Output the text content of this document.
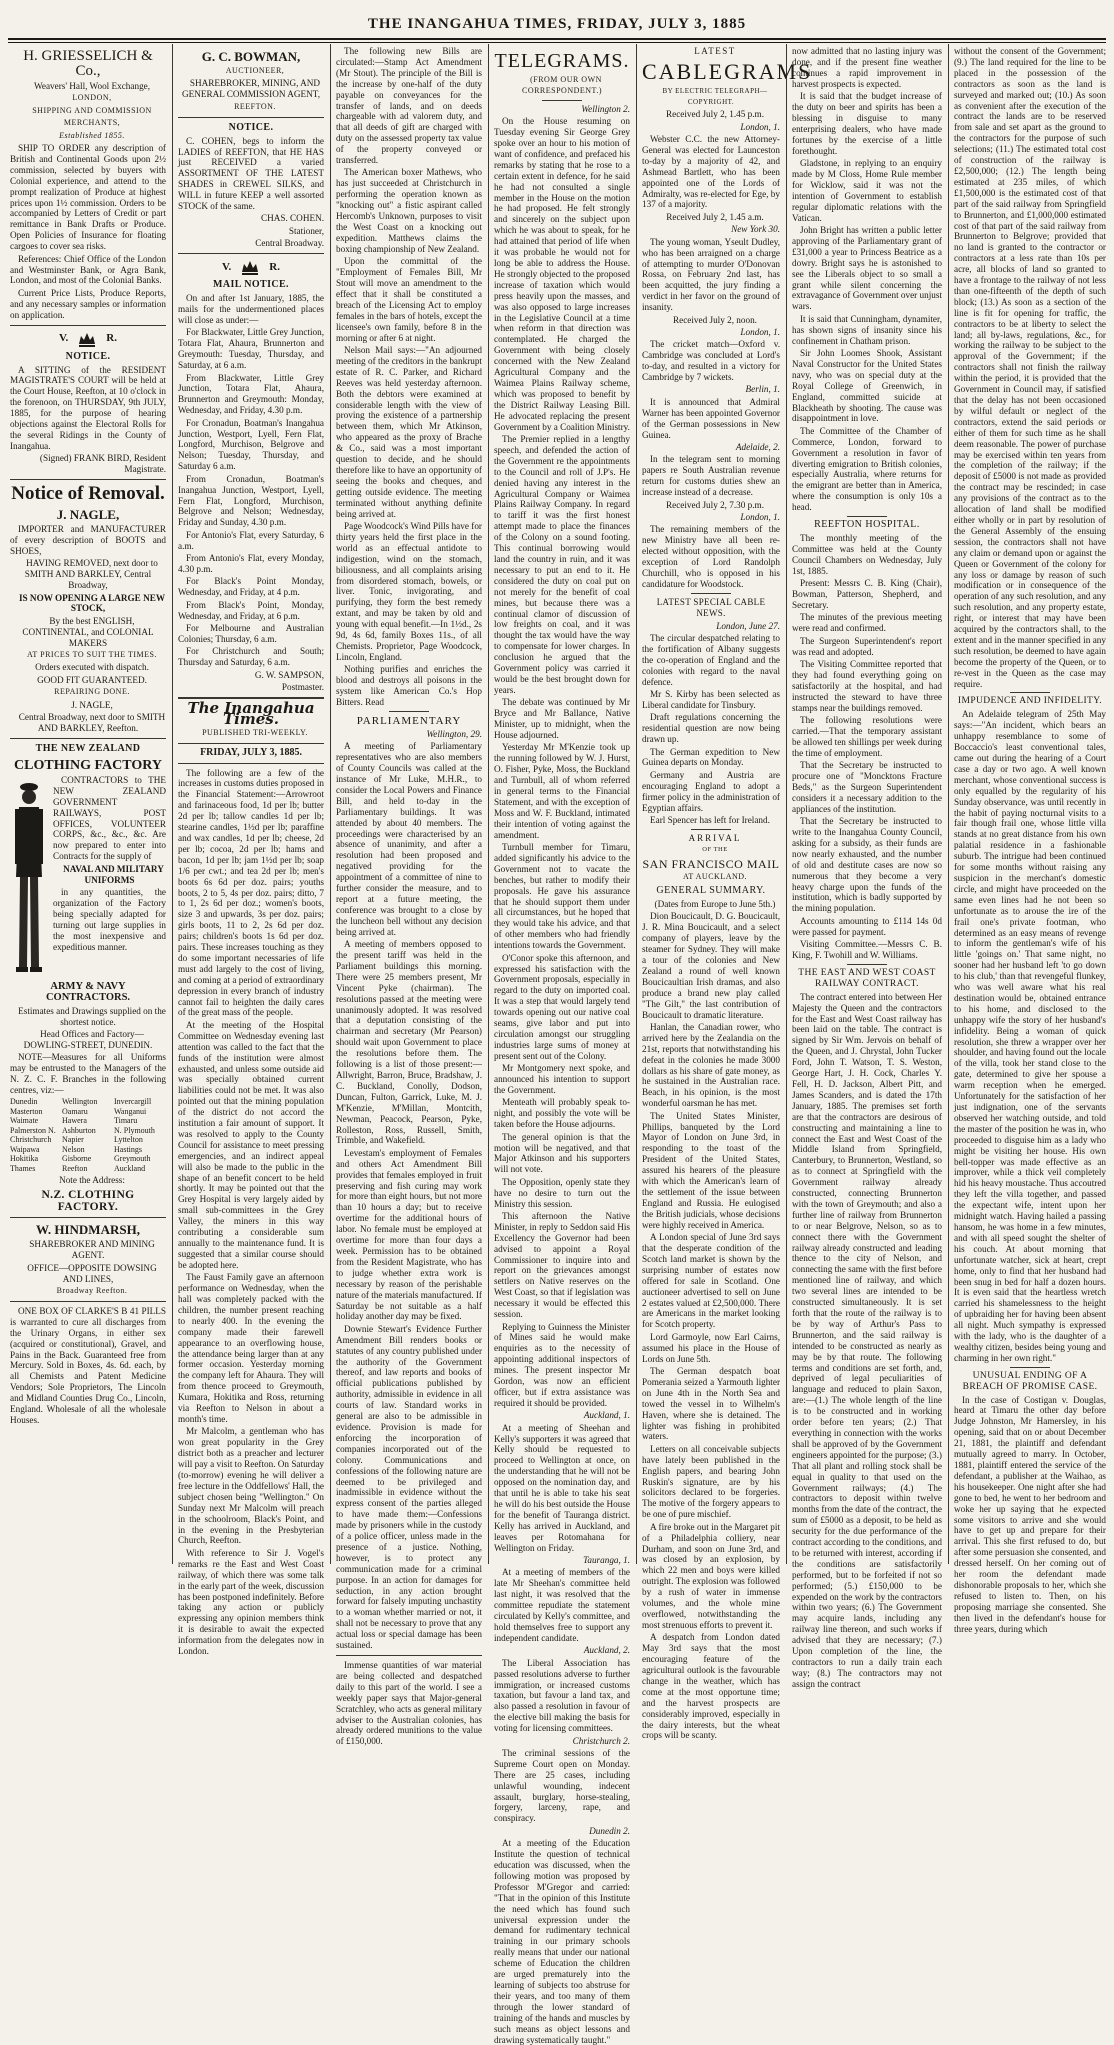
THE INANGAHUA TIMES, FRIDAY, JULY 3, 1885
H. GRIESSELICH & Co.,

Weavers' Hall, Wool Exchange,

LONDON,

SHIPPING AND COMMISSION

MERCHANTS,

Established 1855.

SHIP TO ORDER any description of British and Continental Goods upon 2½ commission, selected by buyers with Colonial experience, and attend to the prompt realization of Produce at highest prices upon 1½ commission. Orders to be accompanied by Letters of Credit or part remittance in Bank Drafts or Produce. Open Policies of Insurance for floating cargoes to cover sea risks.

References: Chief Office of the London and Westminster Bank, or Agra Bank, London, and most of the Colonial Banks.

Current Price Lists, Produce Reports, and any necessary samples or information on application.

V.	R.
NOTICE.

A SITTING of the RESIDENT MAGISTRATE'S COURT will be held at the Court House, Reefton, at 10 o'clock in the forenoon, on THURSDAY, 9th JULY, 1885, for the purpose of hearing objections against the Electoral Rolls for the several Ridings in the County of Inangahua.

(Signed) FRANK BIRD, Resident Magistrate.

Notice of Removal.
J. NAGLE,

IMPORTER and MANUFACTURER of every description of BOOTS and SHOES,

HAVING REMOVED, next door to SMITH AND BARKLEY, Central Broadway,

IS NOW OPENING A LARGE NEW STOCK,

By the best ENGLISH, CONTINENTAL, and COLONIAL MAKERS

AT PRICES TO SUIT THE TIMES.

Orders executed with dispatch.

GOOD FIT GUARANTEED.

REPAIRING DONE.

J. NAGLE,

Central Broadway, next door to SMITH AND BARKLEY, Reefton.

THE NEW ZEALAND
CLOTHING FACTORY

CONTRACTORS to THE NEW ZEALAND GOVERNMENT RAILWAYS, POST OFFICES, VOLUNTEER CORPS, &c., &c., &c. Are now prepared to enter into Contracts for the supply of

NAVAL AND MILITARY UNIFORMS

in any quantities, the organization of the Factory being specially adapted for turning out large supplies in the most inexpensive and expeditious manner.

ARMY & NAVY CONTRACTORS.

Estimates and Drawings supplied on the shortest notice.

Head Offices and Factory— DOWLING-STREET, DUNEDIN.

NOTE—Measures for all Uniforms may be entrusted to the Managers of the N. Z. C. F. Branches in the following centres, viz:—

Dunedin	Wellington	Invercargill
Masterton	Oamaru	Wanganui
Waimate	Hawera	Timaru
Palmerston N. Ashburton	N. Plymouth
Christchurch	Napier	Lyttelton
Waipawa	Nelson	Hastings
Hokitika	Gisborne	Greymouth
Thames	Reefton	Auckland

Note the Address:

N.Z. CLOTHING FACTORY.
W. HINDMARSH,

SHAREBROKER AND MINING AGENT.

OFFICE—OPPOSITE DOWSING AND LINES,

Broadway Reefton.

ONE BOX OF CLARKE'S B 41 PILLS is warranted to cure all discharges from the Urinary Organs, in either sex (acquired or constitutional), Gravel, and Pains in the Back. Guaranteed free from Mercury. Sold in Boxes, 4s. 6d. each, by all Chemists and Patent Medicine Vendors; Sole Proprietors, The Lincoln and Midland Counties Drug Co., Lincoln, England. Wholesale of all the wholesale Houses.

G. C. BOWMAN,

AUCTIONEER,

SHAREBROKER, MINING, AND GENERAL COMMISSION AGENT,

REEFTON.

NOTICE.

C. COHEN, begs to inform the LADIES of REEFTON, that HE HAS just RECEIVED a varied ASSORTMENT OF THE LATEST SHADES in CREWEL SILKS, and WILL in future KEEP a well assorted STOCK of the same.

CHAS. COHEN.

Stationer,

Central Broadway.

V.	R.
MAIL NOTICE.

On and after 1st January, 1885, the mails for the undermentioned places will close as under:—

For Blackwater, Little Grey Junction, Totara Flat, Ahaura, Brunnerton and Greymouth: Tuesday, Thursday, and Saturday, at 6 a.m.

From Blackwater, Little Grey Junction, Totara Flat, Ahaura, Brunnerton and Greymouth: Monday, Wednesday, and Friday, 4.30 p.m.

For Cronadun, Boatman's Inangahua Junction, Westport, Lyell, Fern Flat, Longford, Murchison, Belgrove and Nelson; Tuesday, Thursday, and Saturday 6 a.m.

From Cronadun, Boatman's Inangahua Junction, Westport, Lyell, Fern Flat, Longford, Murchison, Belgrove and Nelson; Wednesday, Friday and Sunday, 4.30 p.m.

For Antonio's Flat, every Saturday, 6 a.m.

From Antonio's Flat, every Monday, 4.30 p.m.

For Black's Point Monday, Wednesday, and Friday, at 4 p.m.

From Black's Point, Monday, Wednesday, and Friday, at 6 p.m.

For Melbourne and Australian Colonies; Thursday, 6 a.m.

For Christchurch and South; Thursday and Saturday, 6 a.m.

G. W. SAMPSON,

Postmaster.

The Inangahua Times.

PUBLISHED TRI-WEEKLY.

FRIDAY, JULY 3, 1885.

The following are a few of the increases in customs duties proposed in the Financial Statement:—Arrowroot and farinaceous food, 1d per lb; butter 2d per lb; tallow candles 1d per lb; stearine candles, 1½d per lb; paraffine and wax candles, 1d per lb; cheese, 2d per lb; cocoa, 2d per lb; hams and bacon, 1d per lb; jam 1½d per lb; soap 1/6 per cwt.; and tea 2d per lb; men's boots 6s 6d per doz. pairs; youths boots, 2 to 5, 4s per doz. pairs; ditto, 7 to 1, 2s 6d per doz.; women's boots, size 3 and upwards, 3s per doz. pairs; girls boots, 11 to 2, 2s 6d per doz. pairs; children's boots 1s 6d per doz. pairs. These increases touching as they do some important necessaries of life must add largely to the cost of living, and coming at a period of extraordinary depression in every branch of industry cannot fail to heighten the daily cares of the great mass of the people.

At the meeting of the Hospital Committee on Wednesday evening last attention was called to the fact that the funds of the institution were almost exhausted, and unless some outside aid was specially obtained current liabilities could not be met. It was also pointed out that the mining population of the district do not accord the institution a fair amount of support. It was resolved to apply to the County Council for assistance to meet pressing emergencies, and an indirect appeal will also be made to the public in the shape of an benefit concert to be held shortly. It may be pointed out that the Grey Hospital is very largely aided by small sub-committees in the Grey Valley, the miners in this way contributing a considerable sum annually to the maintenance fund. It is suggested that a similar course should be adopted here.

The Faust Family gave an afternoon performance on Wednesday, when the hall was completely packed with the children, the number present reaching to nearly 400. In the evening the company made their farewell appearance to an overflowing house, the attendance being larger than at any former occasion. Yesterday morning the company left for Ahaura. They will from thence proceed to Greymouth, Kumara, Hokitika and Ross, returning via Reefton to Nelson in about a month's time.

Mr Malcolm, a gentleman who has won great popularity in the Grey district both as a preacher and lecturer will pay a visit to Reefton. On Saturday (to-morrow) evening he will deliver a free lecture in the Oddfellows' Hall, the subject chosen being "Wellington." On Sunday next Mr Malcolm will preach in the schoolroom, Black's Point, and in the evening in the Presbyterian Church, Reefton.

With reference to Sir J. Vogel's remarks re the East and West Coast railway, of which there was some talk in the early part of the week, discussion has been postponed indefinitely. Before taking any action or publicly expressing any opinion members think it is desirable to await the expected information from the delegates now in London.

The following new Bills are circulated:—Stamp Act Amendment (Mr Stout). The principle of the Bill is the increase by one-half of the duty payable on conveyances for the transfer of lands, and on deeds chargeable with ad valorem duty, and that all deeds of gift are charged with duty on the assessed property tax value of the property conveyed or transferred.

The American boxer Mathews, who has just succeeded at Christchurch in performing the operation known as "knocking out" a fistic aspirant called Hercomb's Unknown, purposes to visit the West Coast on a knocking out expedition. Matthews claims the boxing championship of New Zealand.

Upon the committal of the "Employment of Females Bill, Mr Stout will move an amendment to the effect that it shall be constituted a breach of the Licensing Act to employ females in the bars of hotels, except the licensee's own family, before 8 in the morning or after 6 at night.

Nelson Mail says:—"An adjourned meeting of the creditors in the bankrupt estate of R. C. Parker, and Richard Reeves was held yesterday afternoon. Both the debtors were examined at considerable length with the view of proving the existence of a partnership between them, which Mr Atkinson, who appeared as the proxy of Brache & Co., said was a most important question to decide, and he should therefore like to have an opportunity of seeing the books and cheques, and getting outside evidence. The meeting terminated without anything definite being arrived at.

Page Woodcock's Wind Pills have for thirty years held the first place in the world as an effectual antidote to indigestion, wind on the stomach, biliousness, and all complaints arising from disordered stomach, bowels, or liver. Tonic, invigorating, and purifying, they form the best remedy extant, and may be taken by old and young with equal benefit.—In 1½d., 2s 9d, 4s 6d, family Boxes 11s., of all Chemists. Proprietor, Page Woodcock, Lincoln, England.

Nothing purifies and enriches the blood and destroys all poisons in the system like American Co.'s Hop Bitters. Read

PARLIAMENTARY

Wellington, 29.

A meeting of Parliamentary representatives who are also members of County Councils was called at the instance of Mr Luke, M.H.R., to consider the Local Powers and Finance Bill, and held to-day in the Parliamentary buildings. It was attended by about 40 members. The proceedings were characterised by an absence of unanimity, and after a resolution had been proposed and negatived providing for the appointment of a committee of nine to further consider the measure, and to report at a future meeting, the conference was brought to a close by the luncheon bell without any decision being arrived at.

A meeting of members opposed to the present tariff was held in the Parliament buildings this morning. There were 25 members present, Mr Vincent Pyke (chairman). The resolutions passed at the meeting were unanimously adopted. It was resolved that a deputation consisting of the chairman and secretary (Mr Pearson) should wait upon Government to place the resolutions before them. The following is a list of those present:—Allwright, Barron, Bruce, Bradshaw, J. C. Buckland, Conolly, Dodson, Duncan, Fulton, Garrick, Luke, M. J. M'Kenzie, M'Millan, Montcith, Newman, Peacock, Pearson, Pyke, Rolleston, Ross, Russell, Smith, Trimble, and Wakefield.

Levestam's employment of Females and others Act Amendment Bill provides that females employed in fruit preserving and fish curing may work for more than eight hours, but not more than 10 hours a day; but to receive overtime for the additional hours of labor. No female must be employed at overtime for more than four days a week. Permission has to be obtained from the Resident Magistrate, who has to judge whether extra work is necessary by reason of the perishable nature of the materials manufactured. If Saturday be not suitable as a half holiday another day may be fixed.

Downie Stewart's Evidence Further Amendment Bill renders books or statutes of any country published under the authority of the Government thereof, and law reports and books of official publications published by authority, admissible in evidence in all courts of law. Standard works in general are also to be admissible in evidence. Provision is made for enforcing the incorporation of companies incorporated out of the colony. Communications and confessions of the following nature are deemed to be privileged and inadmissible in evidence without the express consent of the parties alleged to have made them:—Confessions made by prisoners while in the custody of a police officer, unless made in the presence of a justice. Nothing, however, is to protect any communication made for a criminal purpose. In an action for damages for seduction, in any action brought forward for falsely imputing unchastity to a woman whether married or not, it shall not be necessary to prove that any actual loss or special damage has been sustained.

Immense quantities of war material are being collected and despatched daily to this part of the world. I see a weekly paper says that Major-general Scratchley, who acts as general military adviser to the Australian colonies, has already ordered munitions to the value of £150,000.

TELEGRAMS.

(FROM OUR OWN CORRESPONDENT.)

Wellington 2.

On the House resuming on Tuesday evening Sir George Grey spoke over an hour to his motion of want of confidence, and prefaced his remarks by stating that he rose to a certain extent in defence, for he said he had not consulted a single member in the House on the motion he had proposed. He felt strongly and sincerely on the subject upon which he was about to speak, for he had attained that period of life when it was probable he would not for long be able to address the House. He strongly objected to the proposed increase of taxation which would press heavily upon the masses, and was also opposed to large increases in the Legislative Council at a time when reform in that direction was contemplated. He charged the Government with being closely concerned with the New Zealand Agricultural Company and the Waimea Plains Railway scheme, which was proposed to benefit by the District Railway Leasing Bill. He advocated replacing the present Government by a Coalition Ministry.

The Premier replied in a lengthy speech, and defended the action of the Government re the appointments to the Council and roll of J.P's. He denied having any interest in the Agricultural Company or Waimea Plains Railway Company. In regard to tariff it was the first honest attempt made to place the finances of the Colony on a sound footing. This continual borrowing would land the country in ruin, and it was necessary to put an end to it. He considered the duty on coal put on not merely for the benefit of coal mines, but because there was a continual clamor of discussion of low freights on coal, and it was thought the tax would have the way to compensate for lower charges. In conclusion he argued that the Government policy was carried it would be the best brought down for years.

The debate was continued by Mr Bryce and Mr Ballance, Native Minister, up to midnight, when the House adjourned.

Yesterday Mr M'Kenzie took up the running followed by W. J. Hurst, O. Fisher, Pyke, Moss, the Buckland and Turnbull, all of whom referred in general terms to the Financial Statement, and with the exception of Moss and W. F. Buckland, intimated their intention of voting against the amendment.

Turnbull member for Timaru, added significantly his advice to the Government not to vacate the benches, but rather to modify their proposals. He gave his assurance that he should support them under all circumstances, but he hoped that they would take his advice, and that of other members who had friendly intentions towards the Government.

O'Conor spoke this afternoon, and expressed his satisfaction with the Government proposals, especially in regard to the duty on imported coal. It was a step that would largely tend towards opening out our native coal seams, give labor and put into circulation amongst our struggling industries large sums of money at present sent out of the Colony.

Mr Montgomery next spoke, and announced his intention to support the Government.

Menteath will probably speak to-night, and possibly the vote will be taken before the House adjourns.

The general opinion is that the motion will be negatived, and that Major Atkinson and his supporters will not vote.

The Opposition, openly state they have no desire to turn out the Ministry this session.

This afternoon the Native Minister, in reply to Seddon said His Excellency the Governor had been advised to appoint a Royal Commissioner to inquire into and report on the grievances amongst settlers on Native reserves on the West Coast, so that if legislation was necessary it would be effected this session.

Replying to Guinness the Minister of Mines said he would make enquiries as to the necessity of appointing additional inspectors of mines. The present inspector Mr Gordon, was now an efficient officer, but if extra assistance was required it should be provided.

Auckland, 1.

At a meeting of Sheehan and Kelly's supporters it was agreed that Kelly should be requested to proceed to Wellington at once, on the understanding that he will not be opposed on the nomination day, and that until he is able to take his seat he will do his best outside the House for the benefit of Tauranga district. Kelly has arrived in Auckland, and leaves per Rotomahana for Wellington on Friday.

Tauranga, 1.

At a meeting of members of the late Mr Sheehan's committee held last night, it was resolved that the committee repudiate the statement circulated by Kelly's committee, and hold themselves free to support any independent candidate.

Auckland, 2.

The Liberal Association has passed resolutions adverse to further immigration, or increased customs taxation, but favour a land tax, and also passed a resolution in favour of the elective bill making the basis for voting for licensing committees.

Christchurch 2.

The criminal sessions of the Supreme Court open on Monday. There are 25 cases, including unlawful wounding, indecent assault, burglary, horse-stealing, forgery, larceny, rape, and conspiracy.

Dunedin 2.

At a meeting of the Education Institute the question of technical education was discussed, when the following motion was proposed by Professor M'Gregor and carried: "That in the opinion of this Institute the need which has found such universal expression under the demand for rudimentary technical training in our primary schools really means that under our national scheme of Education the children are urged prematurely into the learning of subjects too abstruse for their years, and too many of them through the lower standard of training of the hands and muscles by such means as object lessons and drawing systematically taught."

LATEST

CABLEGRAMS

BY ELECTRIC TELEGRAPH—COPYRIGHT.

Received July 2, 1.45 p.m.

London, 1.

Webster C.C. the new Attorney-General was elected for Launceston to-day by a majority of 42, and Ashmead Bartlett, who has been appointed one of the Lords of Admiralty, was re-elected for Ege, by 137 of a majority.

Received July 2, 1.45 a.m.

New York 30.

The young woman, Yseult Dudley, who has been arraigned on a charge of attempting to murder O'Donovan Rossa, on February 2nd last, has been acquitted, the jury finding a verdict in her favor on the ground of insanity.

Received July 2, noon.

London, 1.

The cricket match—Oxford v. Cambridge was concluded at Lord's to-day, and resulted in a victory for Cambridge by 7 wickets.

Berlin, 1.

It is announced that Admiral Warner has been appointed Governor of the German possessions in New Guinea.

Adelaide, 2.

In the telegram sent to morning papers re South Australian revenue return for customs duties shew an increase instead of a decrease.

Received July 2, 7.30 p.m.

London, 1.

The remaining members of the new Ministry have all been re-elected without opposition, with the exception of Lord Randolph Churchill, who is opposed in his candidature for Woodstock.

LATEST SPECIAL CABLE NEWS.

London, June 27.

The circular despatched relating to the fortification of Albany suggests the co-operation of England and the colonies with regard to the naval defence.

Mr S. Kirby has been selected as Liberal candidate for Tinsbury.

Draft regulations concerning the residential question are now being drawn up.

The German expedition to New Guinea departs on Monday.

Germany and Austria are encouraging England to adopt a firmer policy in the administration of Egyptian affairs.

Earl Spencer has left for Ireland.

ARRIVAL

OF THE

SAN FRANCISCO MAIL

AT AUCKLAND.

GENERAL SUMMARY.

(Dates from Europe to June 5th.)

Dion Boucicault, D. G. Boucicault, J. R. Mina Boucicault, and a select company of players, leave by the steamer for Sydney. They will make a tour of the colonies and New Zealand a round of well known Boucicaultian Irish dramas, and also produce a brand new play called "The Gilt," the last contribution of Boucicault to dramatic literature.

Hanlan, the Canadian rower, who arrived here by the Zealandia on the 21st, reports that notwithstanding his defeat in the colonies he made 3000 dollars as his share of gate money, as he sustained in the Australian race. Beach, in his opinion, is the most wonderful oarsman he has met.

The United States Minister, Phillips, banqueted by the Lord Mayor of London on June 3rd, in responding to the toast of the President of the United States, assured his hearers of the pleasure with which the American's learn of the settlement of the issue between England and Russia. He eulogised the British judicials, whose decisions were highly received in America.

A London special of June 3rd says that the desperate condition of the Scotch land market is shown by the surprising number of estates now offered for sale in Scotland. One auctioneer advertised to sell on June 2 estates valued at £2,500,000. There are Americans in the market looking for Scotch property.

Lord Garmoyle, now Earl Cairns, assumed his place in the House of Lords on June 5th.

The German despatch boat Pomerania seized a Yarmouth lighter on June 4th in the North Sea and towed the vessel in to Wilhelm's Haven, where she is detained. The lighter was fishing in prohibited waters.

Letters on all conceivable subjects have lately been published in the English papers, and bearing John Ruskin's signature, are by his solicitors declared to be forgeries. The motive of the forgery appears to be one of pure mischief.

A fire broke out in the Margaret pit of a Philadelphia colliery, near Durham, and soon on June 3rd, and was closed by an explosion, by which 22 men and boys were killed outright. The explosion was followed by a rush of water in immense volumes, and the whole mine overflowed, notwithstanding the most strenuous efforts to prevent it.

A despatch from London dated May 3rd says that the most encouraging feature of the agricultural outlook is the favourable change in the weather, which has come at the most opportune time; and the harvest prospects are considerably improved, especially in the dairy interests, but the wheat crops will be scanty.

now admitted that no lasting injury was done, and if the present fine weather continues a rapid improvement in harvest prospects is expected.

It is said that the budget increase of the duty on beer and spirits has been a blessing in disguise to many enterprising dealers, who have made fortunes by the exercise of a little forethought.

Gladstone, in replying to an enquiry made by M Closs, Home Rule member for Wicklow, said it was not the intention of Government to establish regular diplomatic relations with the Vatican.

John Bright has written a public letter approving of the Parliamentary grant of £31,000 a year to Princess Beatrice as a dowry. Bright says he is astonished to see the Liberals object to so small a grant while silent concerning the extravagance of Government over unjust wars.

It is said that Cunningham, dynamiter, has shown signs of insanity since his confinement in Chatham prison.

Sir John Loomes Shook, Assistant Naval Constructor for the United States navy, who was on special duty at the Royal College of Greenwich, in England, committed suicide at Blackheath by shooting. The cause was disappointment in love.

The Committee of the Chamber of Commerce, London, forward to Government a resolution in favor of diverting emigration to British colonies, especially Australia, where returns for the emigrant are better than in America, where the consumption is only 10s a head.

REEFTON HOSPITAL.

The monthly meeting of the Committee was held at the County Council Chambers on Wednesday, July 1st, 1885.

Present: Messrs C. B. King (Chair), Bowman, Patterson, Shepherd, and Secretary.

The minutes of the previous meeting were read and confirmed.

The Surgeon Superintendent's report was read and adopted.

The Visiting Committee reported that they had found everything going on satisfactorily at the hospital, and had instructed the steward to have three stamps near the buildings removed.

The following resolutions were carried.—That the temporary assistant be allowed ten shillings per week during the time of employment.

That the Secretary be instructed to procure one of "Moncktons Fracture Beds," as the Surgeon Superintendent considers it a necessary addition to the appliances of the institution.

That the Secretary be instructed to write to the Inangahua County Council, asking for a subsidy, as their funds are now nearly exhausted, and the number of old and destitute cases are now so numerous that they become a very heavy charge upon the funds of the institution, which is badly supported by the mining population.

Accounts amounting to £114 14s 0d were passed for payment.

Visiting Committee.—Messrs C. B. King, F. Twohill and W. Williams.

THE EAST AND WEST COAST RAILWAY CONTRACT.

The contract entered into between Her Majesty the Queen and the contractors for the East and West Coast railway has been laid on the table. The contract is signed by Sir Wm. Jervois on behalf of the Queen, and J. Chrystal, John Tucker Ford, John T. Watson, T. S. Weston, George Hart, J. H. Cock, Charles Y. Fell, H. D. Jackson, Albert Pitt, and James Scanders, and is dated the 17th January, 1885. The premises set forth are that the contractors are desirous of constructing and maintaining a line to connect the East and West Coast of the Middle Island from Springfield, Canterbury, to Brunnerton, Westland, so as to connect at Springfield with the Government railway already constructed, connecting Brunnerton with the town of Greymouth; and also a further line of railway from Brunnerton to or near Belgrove, Nelson, so as to connect there with the Government railway already constructed and leading thence to the city of Nelson, and connecting the same with the first before mentioned line of railway, and which two several lines are intended to be constructed simultaneously. It is set forth that the route of the railway is to be by way of Arthur's Pass to Brunnerton, and the said railway is intended to be constructed as nearly as may be by that route. The following terms and conditions are set forth, and, deprived of legal peculiarities of language and reduced to plain Saxon, are:—(1.) The whole length of the line is to be constructed and in working order before ten years; (2.) That everything in connection with the works shall be approved of by the Government engineers appointed for the purpose; (3.) That all plant and rolling stock shall be equal in quality to that used on the Government railways; (4.) The contractors to deposit within twelve months from the date of the contract, the sum of £5000 as a deposit, to be held as security for the due performance of the contract according to the conditions, and to be returned with interest, according if the conditions are satisfactorily performed, but to be forfeited if not so performed; (5.) £150,000 to be expended on the work by the contractors within two years; (6.) The Government may acquire lands, including any railway line thereon, and such works if advised that they are necessary; (7.) Upon completion of the line, the contractors to run a daily train each way; (8.) The contractors may not assign the contract

without the consent of the Government; (9.) The land required for the line to be placed in the possession of the contractors as soon as the land is surveyed and marked out; (10.) As soon as convenient after the execution of the contract the lands are to be reserved from sale and set apart as the ground to the contractors for the purpose of such selections; (11.) The estimated total cost of construction of the railway is £2,500,000; (12.) The length being estimated at 235 miles, of which £1,500,000 is the estimated cost of that part of the said railway from Springfield to Brunnerton, and £1,000,000 estimated cost of that part of the said railway from Brunnerton to Belgrove; provided that no land is granted to the contractor or contractors at a less rate than 10s per acre, all blocks of land so granted to have a frontage to the railway of not less than one-fifteenth of the depth of such block; (13.) As soon as a section of the line is fit for opening for traffic, the contractors to be at liberty to select the land; all by-laws, regulations, &c., for working the railway to be subject to the approval of the Government; if the contractors shall not finish the railway within the period, it is provided that the Government in Council may, if satisfied that the delay has not been occasioned by wilful default or neglect of the contractors, extend the said periods or either of them for such time as he shall deem reasonable. The power of purchase may be exercised within ten years from the completion of the railway; if the deposit of £5000 is not made as provided the contract may be rescinded; in case any provisions of the contract as to the allocation of land shall be modified either wholly or in part by resolution of the General Assembly of the ensuing session, the contractors shall not have any claim or demand upon or against the Queen or Government of the colony for any loss or damage by reason of such modification or in consequence of the operation of any such resolution, and any such resolution, and any property estate, right, or interest that may have been acquired by the contractors shall, to the extent and in the manner specified in any such resolution, be deemed to have again become the property of the Queen, or to re-vest in the Queen as the case may require.

IMPUDENCE AND INFIDELITY.

An Adelaide telegram of 25th May says:—"An incident, which bears an unhappy resemblance to some of Boccaccio's least conventional tales, came out during the hearing of a Court case a day or two ago. A well known merchant, whose conventional success is only equalled by the regularity of his Sunday observance, was until recently in the habit of paying nocturnal visits to a fair though frail one, whose little villa stands at no great distance from his own palatial residence in a fashionable suburb. The intrigue had been continued for some months without raising any suspicion in the merchant's domestic circle, and might have proceeded on the same even lines had he not been so unfortunate as to arouse the ire of the frail one's private footman, who determined as an easy means of revenge to inform the gentleman's wife of his little 'goings on.' That same night, no sooner had her husband left 'to go down to his club,' than that revengeful flunkey, who was well aware what his real destination would be, obtained entrance to his home, and disclosed to the unhappy wife the story of her husband's infidelity. Being a woman of quick resolution, she threw a wrapper over her shoulder, and having found out the locale of the villa, took her stand close to the gate, determined to give her spouse a warm reception when he emerged. Unfortunately for the satisfaction of her just indignation, one of the servants observed her watching outside, and told the master of the position he was in, who proceeded to disguise him as a lady who might be visiting her house. His own bell-topper was made effective as an improver, while a thick veil completely hid his heavy moustache. Thus accoutred they left the villa together, and passed the expectant wife, intent upon her midnight watch. Having hailed a passing hansom, he was home in a few minutes, and with all speed sought the shelter of his couch. At about morning that unfortunate watcher, sick at heart, crept home, only to find that her husband had been snug in bed for half a dozen hours. It is even said that the heartless wretch carried his shamelessness to the height of upbraiding her for having been absent all night. Much sympathy is expressed with the lady, who is the daughter of a wealthy citizen, besides being young and charming in her own right."

UNUSUAL ENDING OF A BREACH OF PROMISE CASE.

In the case of Costigan v. Douglas, heard at Timaru the other day before Judge Johnston, Mr Hamersley, in his opening, said that on or about December 21, 1881, the plaintiff and defendant mutually agreed to marry. In October, 1881, plaintiff entered the service of the defendant, a publisher at the Waihao, as his housekeeper. One night after she had gone to bed, he went to her bedroom and woke her up saying that he expected some visitors to arrive and she would have to get up and prepare for their arrival. This she first refused to do, but after some persuasion she consented, and dressed herself. On her coming out of her room the defendant made dishonorable proposals to her, which she refused to listen to. Then, on his proposing marriage she consented. She then lived in the defendant's house for three years, during which
